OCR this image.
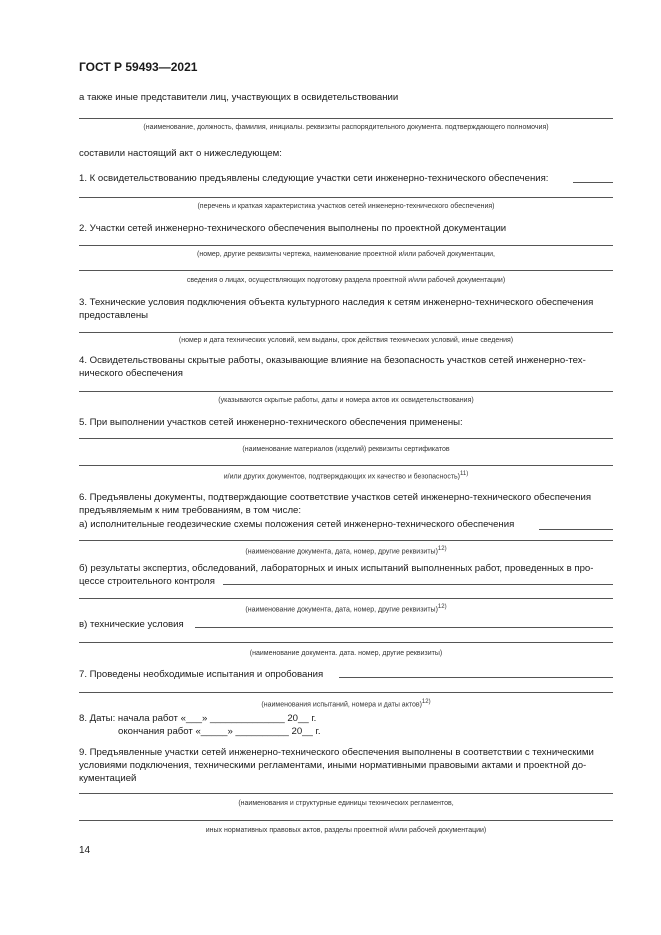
ГОСТ Р 59493—2021
а также иные представители лиц, участвующих в освидетельствовании
(наименование, должность, фамилия, инициалы. реквизиты распорядительного документа. подтверждающего полномочия)
составили настоящий акт о нижеследующем:
1. К освидетельствованию предъявлены следующие участки сети инженерно-технического обеспечения:
(перечень и краткая характеристика участков сетей инженерно-технического обеспечения)
2. Участки сетей инженерно-технического обеспечения выполнены по проектной документации
(номер, другие реквизиты чертежа, наименование проектной и/или рабочей документации,
сведения о лицах, осуществляющих подготовку раздела проектной и/или рабочей документации)
3. Технические условия подключения объекта культурного наследия к сетям инженерно-технического обеспечения
предоставлены
(номер и дата технических условий, кем выданы, срок действия технических условий, иные сведения)
4. Освидетельствованы скрытые работы, оказывающие влияние на безопасность участков сетей инженерно-тех-
нического обеспечения
(указываются скрытые работы, даты и номера актов их освидетельствования)
5. При выполнении участков сетей инженерно-технического обеспечения применены:
(наименование материалов (изделий) реквизиты сертификатов
и/или других документов, подтверждающих их качество и безопасность)$^{11)}$
6. Предъявлены документы, подтверждающие соответствие участков сетей инженерно-технического обеспечения
предъявляемым к ним требованиям, в том числе:
а) исполнительные геодезические схемы положения сетей инженерно-технического обеспечения
(наименование документа, дата, номер, другие реквизиты)$^{12)}$
б) результаты экспертиз, обследований, лабораторных и иных испытаний выполненных работ, проведенных в про-
цессе строительного контроля
(наименование документа, дата, номер, другие реквизиты)$^{12)}$
в) технические условия
(наименование документа. дата. номер, другие реквизиты)
7. Проведены необходимые испытания и опробования
(наименования испытаний, номера и даты актов)$^{12)}$
8. Даты: начала работ «___» ______________ 20__ г.
окончания работ «_____» __________ 20__ г.
9. Предъявленные участки сетей инженерно-технического обеспечения выполнены в соответствии с техническими
условиями подключения, техническими регламентами, иными нормативными правовыми актами и проектной до-
кументацией
(наименования и структурные единицы технических регламентов,
иных нормативных правовых актов, разделы проектной и/или рабочей документации)
14
